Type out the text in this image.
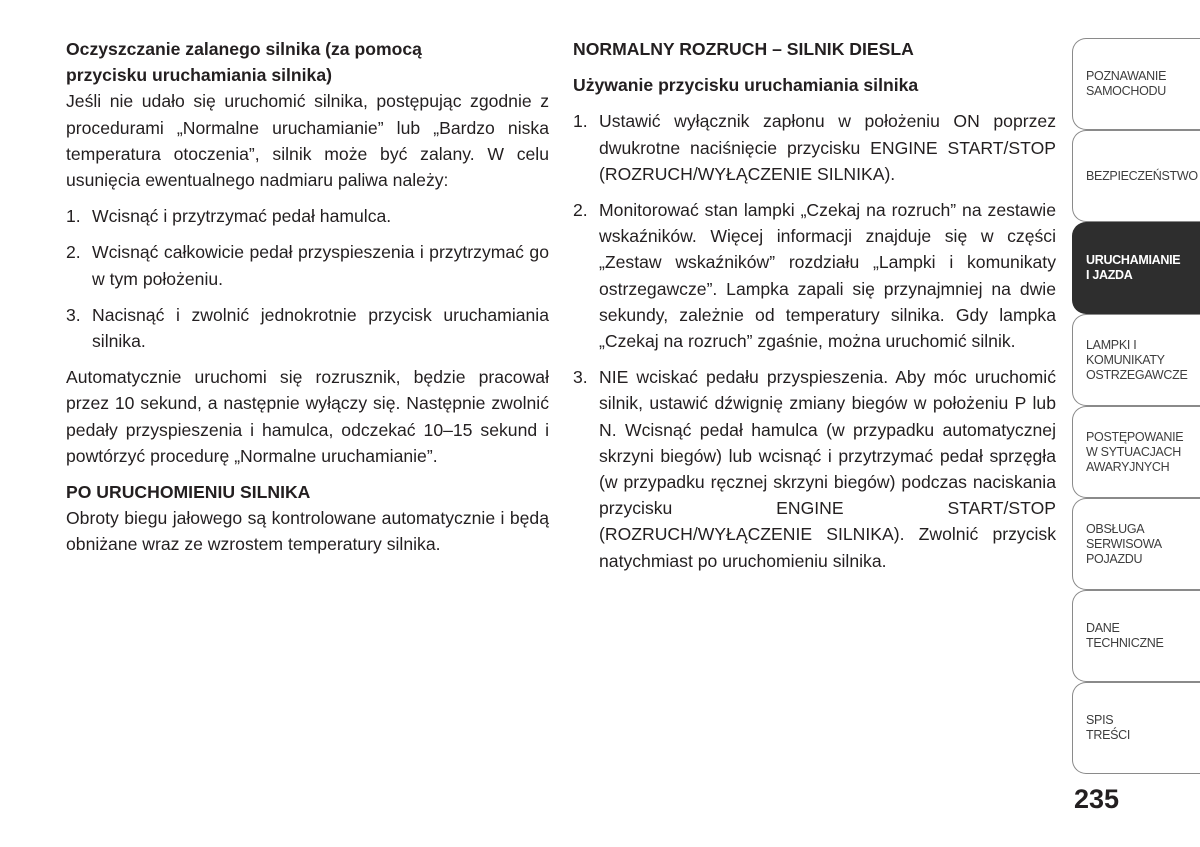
Oczyszczanie zalanego silnika (za pomocą
przycisku uruchamiania silnika)

Jeśli nie udało się uruchomić silnika, postępując zgodnie z procedurami „Normalne uruchamianie” lub „Bardzo niska temperatura otoczenia”, silnik może być zalany. W celu usunięcia ewentualnego nadmiaru paliwa należy:

1. Wcisnąć i przytrzymać pedał hamulca.
2. Wcisnąć całkowicie pedał przyspieszenia i przytrzymać go w tym położeniu.
3. Nacisnąć i zwolnić jednokrotnie przycisk uruchamiania silnika.

Automatycznie uruchomi się rozrusznik, będzie pracował przez 10 sekund, a następnie wyłączy się. Następnie zwolnić pedały przyspieszenia i hamulca, odczekać 10–15 sekund i powtórzyć procedurę „Normalne uruchamianie”.

PO URUCHOMIENIU SILNIKA

Obroty biegu jałowego są kontrolowane automatycznie i będą obniżane wraz ze wzrostem temperatury silnika.

NORMALNY ROZRUCH – SILNIK DIESLA
Używanie przycisku uruchamiania silnika
1. Ustawić wyłącznik zapłonu w położeniu ON poprzez dwukrotne naciśnięcie przycisku ENGINE START/STOP (ROZRUCH/WYŁĄCZENIE SILNIKA).
2. Monitorować stan lampki „Czekaj na rozruch” na zestawie wskaźników. Więcej informacji znajduje się w części „Zestaw wskaźników” rozdziału „Lampki i komunikaty ostrzegawcze”. Lampka zapali się przynajmniej na dwie sekundy, zależnie od temperatury silnika. Gdy lampka „Czekaj na rozruch” zgaśnie, można uruchomić silnik.
3. NIE wciskać pedału przyspieszenia. Aby móc uruchomić silnik, ustawić dźwignię zmiany biegów w położeniu P lub N. Wcisnąć pedał hamulca (w przypadku automatycznej skrzyni biegów) lub wcisnąć i przytrzymać pedał sprzęgła (w przypadku ręcznej skrzyni biegów) podczas naciskania przycisku ENGINE START/STOP (ROZRUCH/WYŁĄCZENIE SILNIKA). Zwolnić przycisk natychmiast po uruchomieniu silnika.
POZNAWANIE
SAMOCHODU
BEZPIECZEŃSTWO
URUCHAMIANIE
I JAZDA
LAMPKI I
KOMUNIKATY
OSTRZEGAWCZE
POSTĘPOWANIE
W SYTUACJACH
AWARYJNYCH
OBSŁUGA
SERWISOWA
POJAZDU
DANE
TECHNICZNE
SPIS
TREŚCI
235
